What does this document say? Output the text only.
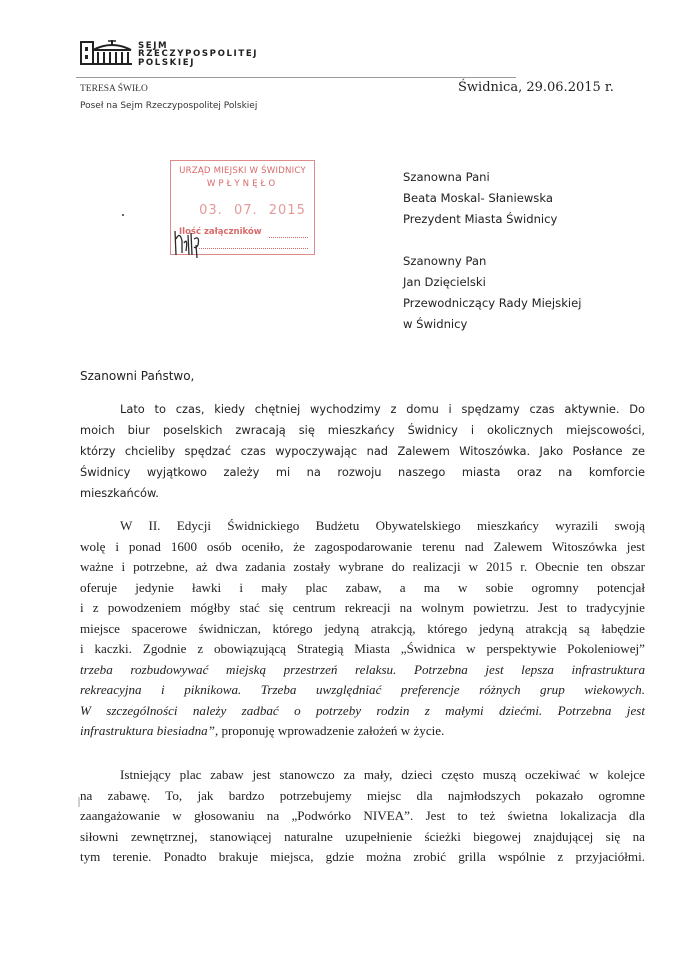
SEJM
RZECZYPOSPOLITEJ
POLSKIEJ
TERESA ŚWIŁO
Poseł na Sejm Rzeczypospolitej Polskiej
Świdnica, 29.06.2015 r.
URZĄD MIEJSKI W ŚWIDNICY
WPŁYNĘŁO
03. 07. 2015
Ilość załączników
Szanowna Pani
Beata Moskal- Słaniewska
Prezydent Miasta Świdnicy
Szanowny Pan
Jan Dzięcielski
Przewodniczący Rady Miejskiej
w Świdnicy
Szanowni Państwo,
Lato to czas, kiedy chętniej wychodzimy z domu i spędzamy czas aktywnie. Do
moich biur poselskich zwracają się mieszkańcy Świdnicy i okolicznych miejscowości,
którzy chcieliby spędzać czas wypoczywając nad Zalewem Witoszówka. Jako Posłance ze
Świdnicy wyjątkowo zależy mi na rozwoju naszego miasta oraz na komforcie
mieszkańców.
W II. Edycji Świdnickiego Budżetu Obywatelskiego mieszkańcy wyrazili swoją
wolę i ponad 1600 osób oceniło, że zagospodarowanie terenu nad Zalewem Witoszówka jest
ważne i potrzebne, aż dwa zadania zostały wybrane do realizacji w 2015 r. Obecnie ten obszar
oferuje jedynie ławki i mały plac zabaw, a ma w sobie ogromny potencjał
i z powodzeniem mógłby stać się centrum rekreacji na wolnym powietrzu. Jest to tradycyjnie
miejsce spacerowe świdniczan, którego jedyną atrakcją, którego jedyną atrakcją są łabędzie
i kaczki. Zgodnie z obowiązującą Strategią Miasta „Świdnica w perspektywie Pokoleniowej”
trzeba rozbudowywać miejską przestrzeń relaksu. Potrzebna jest lepsza infrastruktura
rekreacyjna i piknikowa. Trzeba uwzględniać preferencje różnych grup wiekowych.
W szczególności należy zadbać o potrzeby rodzin z małymi dziećmi. Potrzebna jest
infrastruktura biesiadna”, proponuję wprowadzenie założeń w życie.
Istniejący plac zabaw jest stanowczo za mały, dzieci często muszą oczekiwać w kolejce
na zabawę. To, jak bardzo potrzebujemy miejsc dla najmłodszych pokazało ogromne
zaangażowanie w głosowaniu na „Podwórko NIVEA”. Jest to też świetna lokalizacja dla
siłowni zewnętrznej, stanowiącej naturalne uzupełnienie ścieżki biegowej znajdującej się na
tym terenie. Ponadto brakuje miejsca, gdzie można zrobić grilla wspólnie z przyjaciółmi.
